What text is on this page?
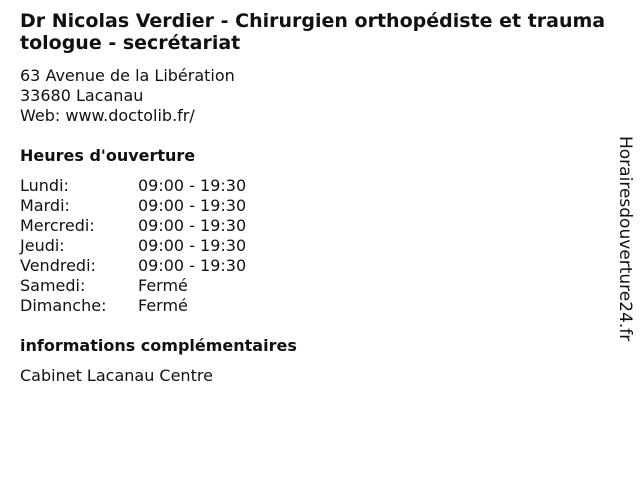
Dr Nicolas Verdier - Chirurgien orthopédiste et traumatologue - secrétariat
63 Avenue de la Libération
33680 Lacanau
Web: www.doctolib.fr/
Heures d'ouverture
Lundi:	09:00 - 19:30
Mardi:	09:00 - 19:30
Mercredi:	09:00 - 19:30
Jeudi:	09:00 - 19:30
Vendredi:	09:00 - 19:30
Samedi:	Fermé
Dimanche:	Fermé
informations complémentaires
Cabinet Lacanau Centre
Horairesdouverture24.fr
